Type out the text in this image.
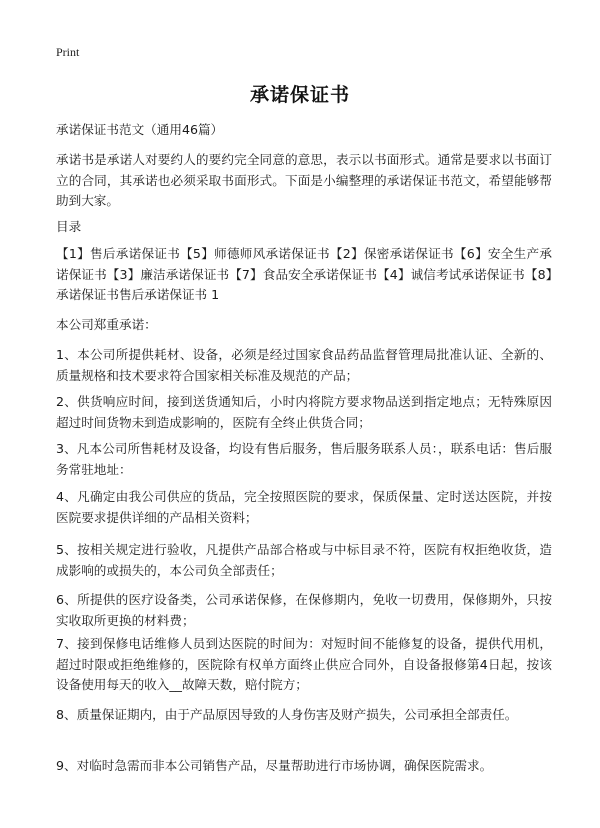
Print
承诺保证书
承诺保证书范文（通用46篇）
承诺书是承诺人对要约人的要约完全同意的意思，表示以书面形式。通常是要求以书面订立的合同，其承诺也必须采取书面形式。下面是小编整理的承诺保证书范文，希望能够帮助到大家。
目录
【1】售后承诺保证书【5】师德师风承诺保证书【2】保密承诺保证书【6】安全生产承诺保证书【3】廉洁承诺保证书【7】食品安全承诺保证书【4】诚信考试承诺保证书【8】承诺保证书售后承诺保证书 1
本公司郑重承诺：
1、本公司所提供耗材、设备，必须是经过国家食品药品监督管理局批准认证、全新的、质量规格和技术要求符合国家相关标准及规范的产品；
2、供货响应时间，接到送货通知后，小时内将院方要求物品送到指定地点；无特殊原因超过时间货物未到造成影响的，医院有全终止供货合同；
3、凡本公司所售耗材及设备，均设有售后服务，售后服务联系人员：，联系电话：售后服务常驻地址：
4、凡确定由我公司供应的货品，完全按照医院的要求，保质保量、定时送达医院，并按医院要求提供详细的产品相关资料；
5、按相关规定进行验收，凡提供产品部合格或与中标目录不符，医院有权拒绝收货，造成影响的或损失的，本公司负全部责任；
6、所提供的医疗设备类，公司承诺保修，在保修期内，免收一切费用，保修期外，只按实收取所更换的材料费；
7、接到保修电话维修人员到达医院的时间为：对短时间不能修复的设备，提供代用机，超过时限或拒绝维修的，医院除有权单方面终止供应合同外，自设备报修第4日起，按该设备使用每天的收入__故障天数，赔付院方；
8、质量保证期内，由于产品原因导致的人身伤害及财产损失，公司承担全部责任。
9、对临时急需而非本公司销售产品，尽量帮助进行市场协调，确保医院需求。
